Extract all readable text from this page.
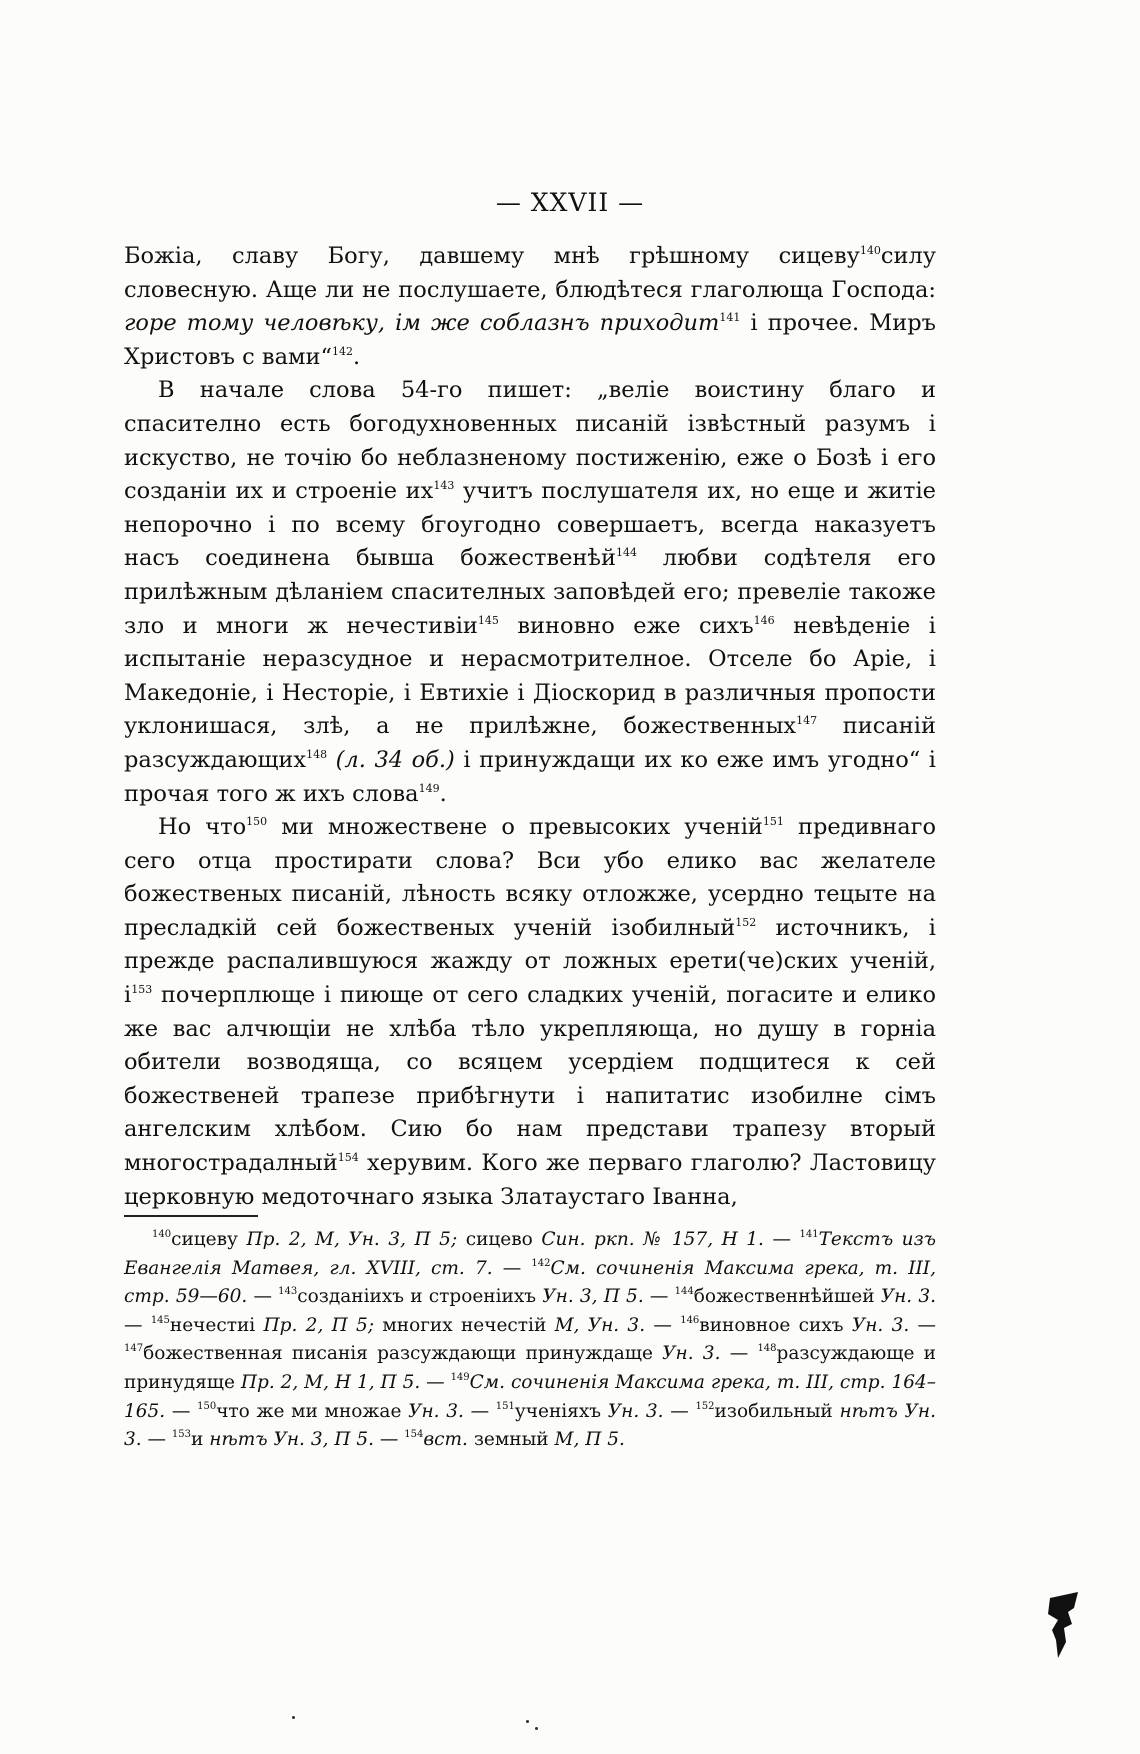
— XXVII —

Божіа, славу Богу, давшему мнѣ грѣшному сицеву$^{140}$силу словесную. Аще ли не послушаете, блюдѣтеся глаголюща Господа: горе тому человѣку, ім же соблазнъ приходит$^{141}$ і прочее. Миръ Христовъ с вами“$^{142}$.

В начале слова 54-го пишет: „веліе воистину благо и спасително есть богодухновенных писаній ізвѣстный разумъ і искуство, не точію бо неблазненому постиженію, еже о Бозѣ і его созданіи их и строеніе $их^{143}$ учитъ послушателя их, но еще и житіе непорочно і по всему бгоугодно совершаетъ, всегда наказуетъ насъ соединена бывша божественѣй$^{144}$ любви содѣтеля его прилѣжным дѣланіем спасителных заповѣдей его; превеліе такоже зло и многи ж нечестивіи$^{145}$ виновно еже сихъ$^{146}$ невѣденіе і испытаніе неразсудное и нерасмотрителное. Отселе бо Аріе, і Македоніе, і Несторіе, і Евтихіе і Діоскорид в различныя пропости уклонишася, злѣ, а не прилѣжне, божественных$^{147}$ писаній разсуждающих$^{148}$ (л. 34 об.) і принуждащи их ко еже имъ угодно“ і прочая того ж ихъ слова$^{149}$.

Но что$^{150}$ ми множествене о превысоких ученій$^{151}$ предивнаго сего отца простирати слова? Вси убо елико вас желателе божественых писаній, лѣность всяку отложже, усердно тецыте на пресладкій сей божественых ученій ізобилный$^{152}$ источникъ, і прежде распалившуюся жажду от ложных ерети(че)ских ученій, $і^{153}$ почерплюще і пиюще от сего сладких ученій, погасите и елико же вас алчющіи не хлѣба тѣло укрепляюща, но душу в горніа обители возводяща, со всяцем усердіем подщитеся к сей божественей трапезе прибѣгнути і напитатис изобилне сімъ ангелским хлѣбом. Сию бо нам представи трапезу вторый многострадалный$^{154}$ херувим. Кого же перваго глаголю? Ластовицу церковную медоточнаго языка Златаустаго Іванна,

$^{140}$сицеву Пр. 2, М, Ун. 3, П 5; сицево Син. ркп. № 157, Н 1. — $^{141}$Текстъ изъ Евангелія Матвея, гл. XVIII, ст. 7. — $^{142}$См. сочиненія Максима грека, т. III, стр. 59—60. — $^{143}$созданіихъ и строеніихъ Ун. 3, П 5. — $^{144}$божественнѣйшей Ун. 3. — $^{145}$нечестиі Пр. 2, П 5; многих нечестій М, Ун. 3. — $^{146}$виновное сихъ Ун. 3. — $^{147}$божественная писанія разсуждающи принуждаще Ун. 3. — $^{148}$разсуждающе и принудяще Пр. 2, М, Н 1, П 5. — $^{149}$См. сочиненія Максима грека, т. III, стр. 164–165. — $^{150}$что же ми множае Ун. 3. — $^{151}$ученіяхъ Ун. 3. — $^{152}$изобильный нѣтъ Ун. 3. — $^{153}$и нѣтъ Ун. 3, П 5. — $^{154}$вст. земный М, П 5.
